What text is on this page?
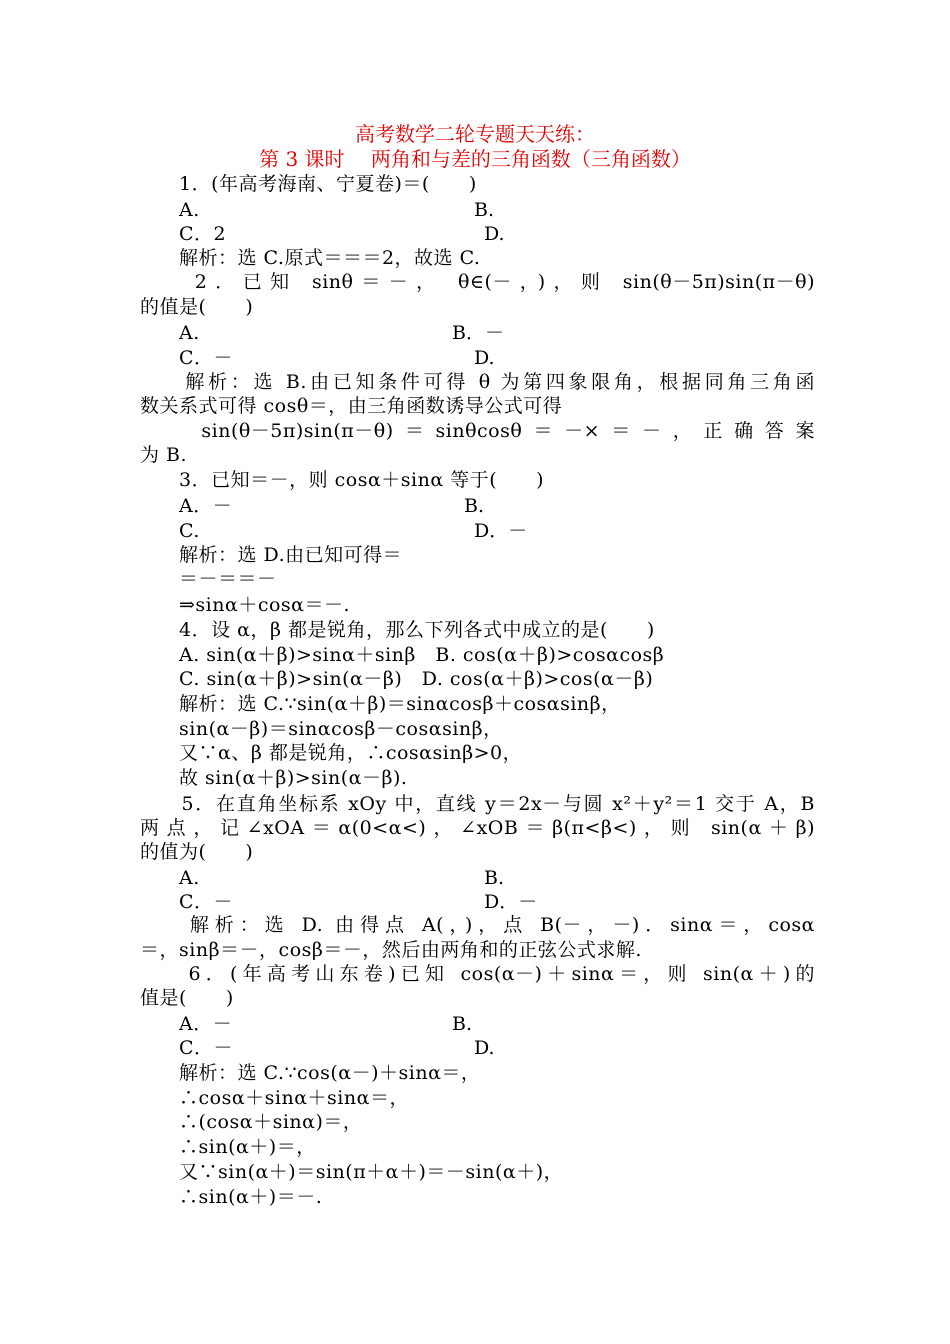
高考数学二轮专题天天练：
第 3 课时　 两角和与差的三角函数（三角函数）
　　1．(年高考海南、宁夏卷)＝(　　)
　　A.	B.
　　C．2	D.
　　解析：选 C.原式＝＝＝2，故选 C.
　　2．已知 sinθ＝－， θ∈(－，)，则 sin(θ－5π)sin(π－θ)
的值是(　　)
　　A.	B．－
　　C．－	D.
　　解析：选 B.由已知条件可得 θ 为第四象限角，根据同角三角函
数关系式可得 cosθ＝，由三角函数诱导公式可得
　　sin(θ－5π)sin(π－θ)＝sinθcosθ＝－×＝－，正确答案
为 B.
　　3．已知＝－，则 cosα＋sinα 等于(　　)
　　A．－	B.
　　C.	D．－
　　解析：选 D.由已知可得＝
　　＝－＝＝－
　　⇒sinα＋cosα＝－.
　　4．设 α，β 都是锐角，那么下列各式中成立的是(　　)
　　A. sin(α＋β)>sinα＋sinβ　B. cos(α＋β)>cosαcosβ
　　C. sin(α＋β)>sin(α－β)　D. cos(α＋β)>cos(α－β)
　　解析：选 C.∵sin(α＋β)＝sinαcosβ＋cosαsinβ，
　　sin(α－β)＝sinαcosβ－cosαsinβ，
　　又∵α、β 都是锐角，∴cosαsinβ>0，
　　故 sin(α＋β)>sin(α－β).
　　5．在直角坐标系 xOy 中，直线 y＝2x－与圆 x²＋y²＝1 交于 A，B
两点，记∠xOA＝α(0<α<)，∠xOB＝β(π<β<)，则 sin(α＋β)
的值为(　　)
　　A.	B.
　　C．－	D．－
　　解析：选 D. 由得点 A(，)，点 B(－，－)．sinα＝，cosα
＝，sinβ＝－，cosβ＝－，然后由两角和的正弦公式求解.
　　6．(年高考山东卷)已知 cos(α－)＋sinα＝，则 sin(α＋)的
值是(　　)
　　A．－	B.
　　C．－	D.
　　解析：选 C.∵cos(α－)＋sinα＝，
　　∴cosα＋sinα＋sinα＝，
　　∴(cosα＋sinα)＝，
　　∴sin(α＋)＝，
　　又∵sin(α＋)＝sin(π＋α＋)＝－sin(α＋)，
　　∴sin(α＋)＝－.
